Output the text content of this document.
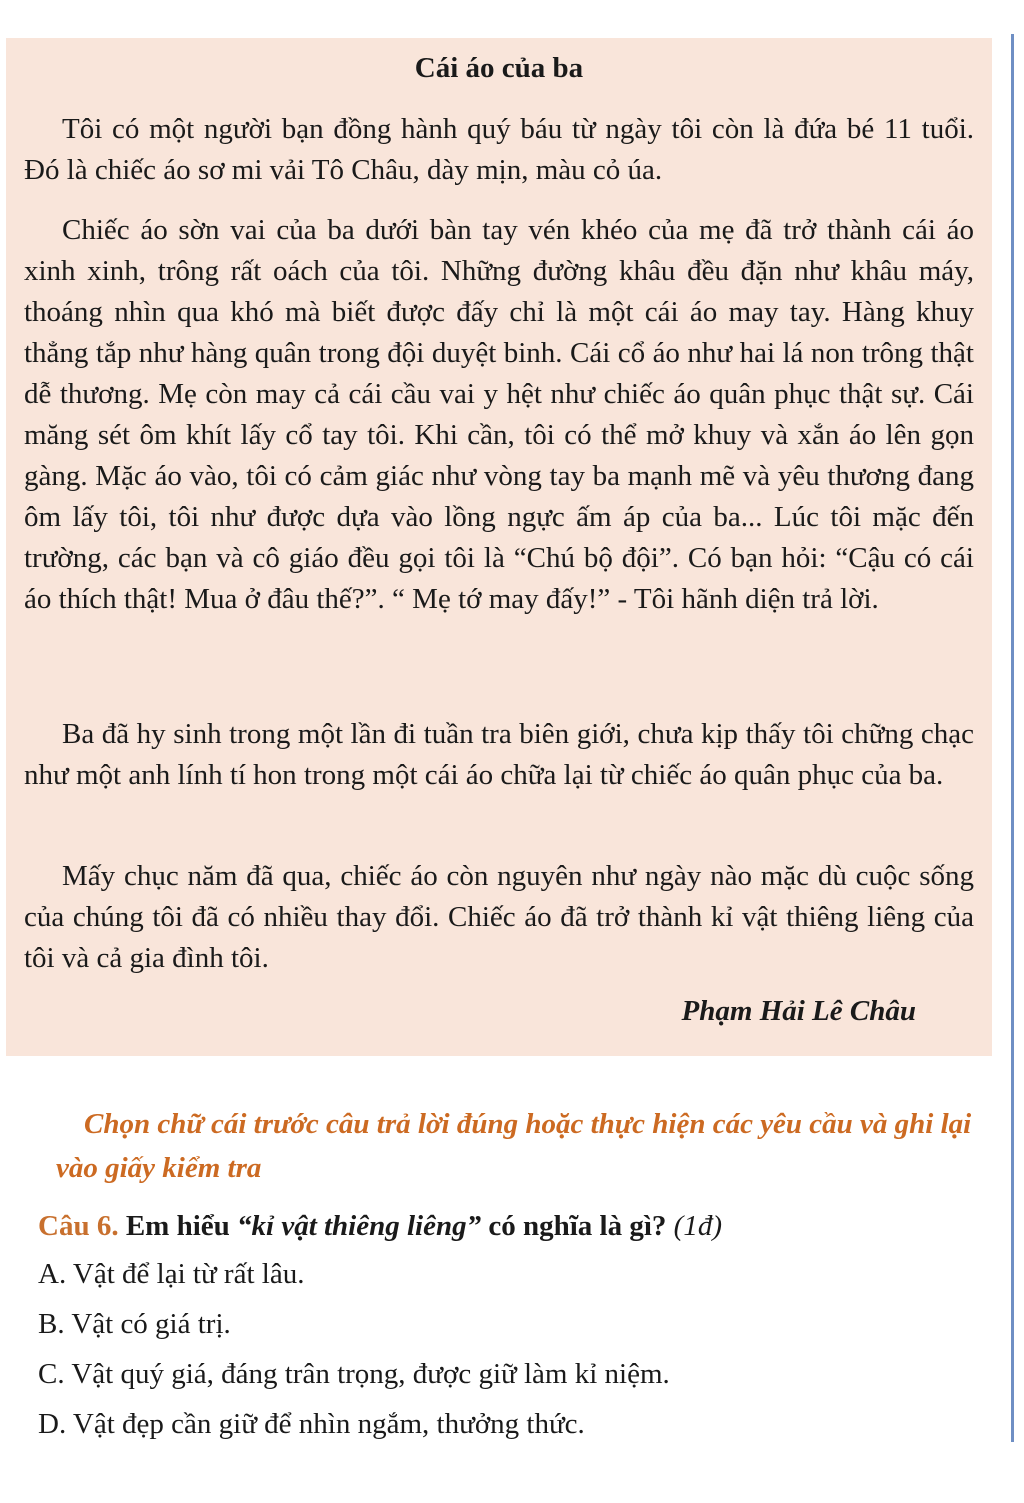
Cái áo của ba

Tôi có một người bạn đồng hành quý báu từ ngày tôi còn là đứa bé 11 tuổi. Đó là chiếc áo sơ mi vải Tô Châu, dày mịn, màu cỏ úa.

Chiếc áo sờn vai của ba dưới bàn tay vén khéo của mẹ đã trở thành cái áo xinh xinh, trông rất oách của tôi. Những đường khâu đều đặn như khâu máy, thoáng nhìn qua khó mà biết được đấy chỉ là một cái áo may tay. Hàng khuy thẳng tắp như hàng quân trong đội duyệt binh. Cái cổ áo như hai lá non trông thật dễ thương. Mẹ còn may cả cái cầu vai y hệt như chiếc áo quân phục thật sự. Cái măng sét ôm khít lấy cổ tay tôi. Khi cần, tôi có thể mở khuy và xắn áo lên gọn gàng. Mặc áo vào, tôi có cảm giác như vòng tay ba mạnh mẽ và yêu thương đang ôm lấy tôi, tôi như được dựa vào lồng ngực ấm áp của ba... Lúc tôi mặc đến trường, các bạn và cô giáo đều gọi tôi là “Chú bộ đội”. Có bạn hỏi: “Cậu có cái áo thích thật! Mua ở đâu thế?”. “ Mẹ tớ may đấy!” - Tôi hãnh diện trả lời.

Ba đã hy sinh trong một lần đi tuần tra biên giới, chưa kịp thấy tôi chững chạc như một anh lính tí hon trong một cái áo chữa lại từ chiếc áo quân phục của ba.

Mấy chục năm đã qua, chiếc áo còn nguyên như ngày nào mặc dù cuộc sống của chúng tôi đã có nhiều thay đổi. Chiếc áo đã trở thành kỉ vật thiêng liêng của tôi và cả gia đình tôi.

Phạm Hải Lê Châu

Chọn chữ cái trước câu trả lời đúng hoặc thực hiện các yêu cầu và ghi lại vào giấy kiểm tra

Câu 6. Em hiểu “kỉ vật thiêng liêng” có nghĩa là gì? (1đ)
A. Vật để lại từ rất lâu.
B. Vật có giá trị.
C. Vật quý giá, đáng trân trọng, được giữ làm kỉ niệm.
D. Vật đẹp cần giữ để nhìn ngắm, thưởng thức.
